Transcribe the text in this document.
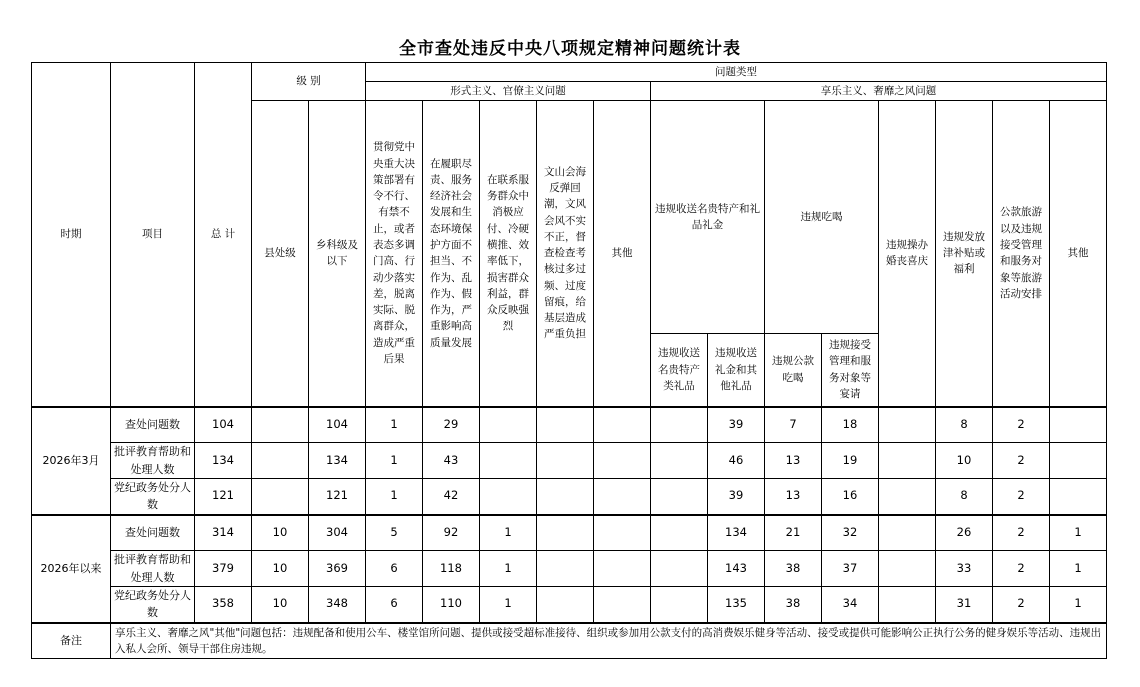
全市查处违反中央八项规定精神问题统计表
时期	项目	总 计	级 别		问题类型												
					形式主义、官僚主义问题					享乐主义、奢靡之风问题							
			县处级	乡科级及以下	贯彻党中央重大决策部署有令不行、有禁不止，或者表态多调门高、行动少落实差，脱离实际、脱离群众，造成严重后果	在履职尽责、服务经济社会发展和生态环境保护方面不担当、不作为、乱作为、假作为，严重影响高质量发展	在联系服务群众中消极应付、冷硬横推、效率低下，损害群众利益，群众反映强烈	文山会海反弹回潮，文风会风不实不正，督查检查考核过多过频、过度留痕，给基层造成严重负担	其他	违规收送名贵特产和礼品礼金		违规吃喝		违规操办婚丧喜庆	违规发放津补贴或福利	公款旅游以及违规接受管理和服务对象等旅游活动安排	其他
										违规收送名贵特产类礼品	违规收送礼金和其他礼品	违规公款吃喝	违规接受管理和服务对象等宴请				
2026年3月	查处问题数	104		104	1	29					39	7	18		8	2	
	批评教育帮助和处理人数	134		134	1	43					46	13	19		10	2	
	党纪政务处分人数	121		121	1	42					39	13	16		8	2	
2026年以来	查处问题数	314	10	304	5	92	1				134	21	32		26	2	1
	批评教育帮助和处理人数	379	10	369	6	118	1				143	38	37		33	2	1
	党纪政务处分人数	358	10	348	6	110	1				135	38	34		31	2	1
备注	享乐主义、奢靡之风"其他"问题包括：违规配备和使用公车、楼堂馆所问题、提供或接受超标准接待、组织或参加用公款支付的高消费娱乐健身等活动、接受或提供可能影响公正执行公务的健身娱乐等活动、违规出入私人会所、领导干部住房违规。																
